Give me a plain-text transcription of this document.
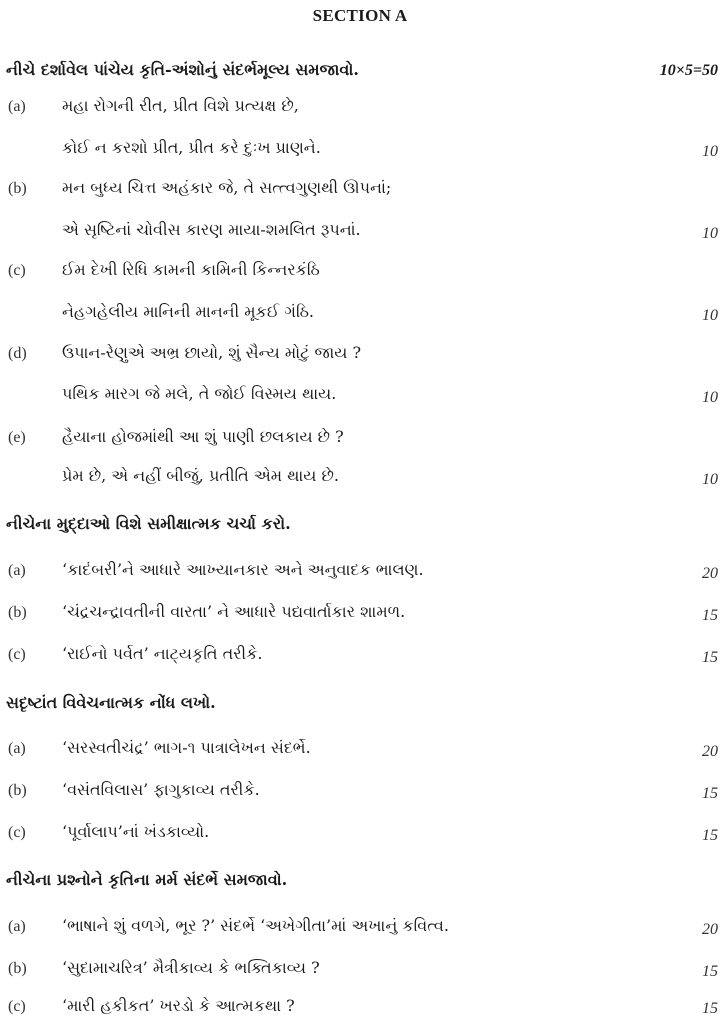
SECTION A
નીચે દર્શાવેલ પાંચેય કૃતિ-અંશોનું સંદર્ભમૂલ્ય સમજાવો.	10×5=50
(a) મહા રોગની રીત, પ્રીત વિશે પ્રત્યક્ષ છે,
કોઈ ન કરશો પ્રીત, પ્રીત કરે દુઃખ પ્રાણને.	10
(b) મન બુધ્ય ચિત્ત અહંકાર જે, તે સત્ત્વગુણથી ઊપનાં;
એ સૃષ્ટિનાં ચોવીસ કારણ માયા-શમલિત રૂપનાં.	10
(c) ઈમ દેખી રિધિ કામની કામિની કિન્નરકંઠિ
નેહગહેલીય માનિની માનની મૂકઈ ગંઠિ.	10
(d) ઉપાન-રેણુએ અભ્ર છાયો, શું સૈન્ય મોટું જાય ?
પથિક મારગ જે મલે, તે જોઈ વિસ્મય થાય.	10
(e) હૈયાના હોજમાંથી આ શું પાણી છલકાય છે ?
પ્રેમ છે, એ નહીં બીજું, પ્રતીતિ એમ થાય છે.	10
નીચેના મુદ્દાઓ વિશે સમીક્ષાત્મક ચર્ચા કરો.
(a) ‘કાદંબરી’ને આધારે આખ્યાનકાર અને અનુવાદક ભાલણ.	20
(b) ‘ચંદ્રચન્દ્રાવતીની વારતા’ ને આધારે પદ્યવાર્તાકાર શામળ.	15
(c) ‘રાઈનો પર્વત’ નાટ્યકૃતિ તરીકે.	15
સદૃષ્ટાંત વિવેચનાત્મક નોંધ લખો.
(a) ‘સરસ્વતીચંદ્ર’ ભાગ-૧ પાત્રાલેખન સંદર્ભે.	20
(b) ‘વસંતવિલાસ’ ફાગુકાવ્ય તરીકે.	15
(c) ‘પૂર્વાલાપ’નાં ખંડકાવ્યો.	15
નીચેના પ્રશ્નોને કૃતિના મર્મ સંદર્ભે સમજાવો.
(a) ‘ભાષાને શું વળગે, ભૂર ?’ સંદર્ભે ‘અખેગીતા’માં અખાનું કવિત્વ.	20
(b) ‘સુદામાચરિત્ર’ મૈત્રીકાવ્ય કે ભક્તિકાવ્ય ?	15
(c) ‘મારી હકીકત’ ખરડો કે આત્મકથા ?	15
